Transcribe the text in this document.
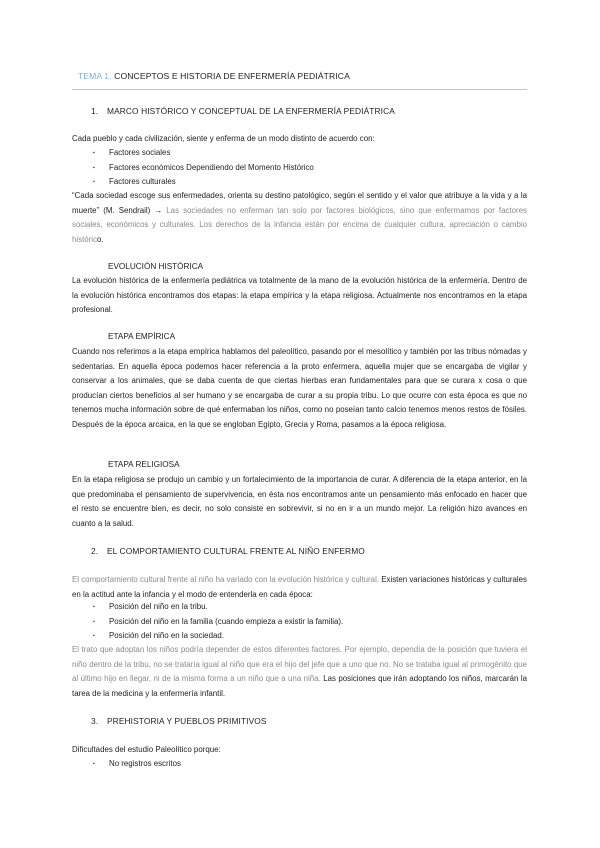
TEMA 1. CONCEPTOS E HISTORIA DE ENFERMERÍA PEDIÁTRICA
1. MARCO HISTÓRICO Y CONCEPTUAL DE LA ENFERMERÍA PEDIÁTRICA
Cada pueblo y cada civilización, siente y enferma de un modo distinto de acuerdo con:
▪ Factores sociales
▪ Factores económicos Dependiendo del Momento Histórico
▪ Factores culturales
“Cada sociedad escoge sus enfermedades, orienta su destino patológico, según el sentido y el valor que atribuye a la vida y a la muerte” (M. Sendrail) → Las sociedades no enferman tan solo por factores biológicos, sino que enfermamos por factores sociales, económicos y culturales. Los derechos de la infancia están por encima de cualquier cultura, apreciación o cambio histórico.
EVOLUCIÓN HISTÓRICA
La evolución histórica de la enfermería pediátrica va totalmente de la mano de la evolución histórica de la enfermería. Dentro de la evolución histórica encontramos dos etapas: la etapa empírica y la etapa religiosa. Actualmente nos encontramos en la etapa profesional.
ETAPA EMPÍRICA
Cuando nos referimos a la etapa empírica hablamos del paleolítico, pasando por el mesolítico y también por las tribus nómadas y sedentarias. En aquella época podemos hacer referencia a la proto enfermera, aquella mujer que se encargaba de vigilar y conservar a los animales, que se daba cuenta de que ciertas hierbas eran fundamentales para que se curara x cosa o que producían ciertos beneficios al ser humano y se encargaba de curar a su propia tribu. Lo que ocurre con esta época es que no tenemos mucha información sobre de qué enfermaban los niños, como no poseían tanto calcio tenemos menos restos de fósiles. Después de la época arcaica, en la que se engloban Egipto, Grecia y Roma, pasamos a la época religiosa.
ETAPA RELIGIOSA
En la etapa religiosa se produjo un cambio y un fortalecimiento de la importancia de curar. A diferencia de la etapa anterior, en la que predominaba el pensamiento de supervivencia, en ésta nos encontramos ante un pensamiento más enfocado en hacer que el resto se encuentre bien, es decir, no solo consiste en sobrevivir, si no en ir a un mundo mejor. La religión hizo avances en cuanto a la salud.
2. EL COMPORTAMIENTO CULTURAL FRENTE AL NIÑO ENFERMO
El comportamiento cultural frente al niño ha variado con la evolución histórica y cultural. Existen variaciones históricas y culturales en la actitud ante la infancia y el modo de entenderla en cada época:
▪ Posición del niño en la tribu.
▪ Posición del niño en la familia (cuando empieza a existir la familia).
▪ Posición del niño en la sociedad.
El trato que adoptan los niños podría depender de estos diferentes factores. Por ejemplo, dependía de la posición que tuviera el niño dentro de la tribu, no se trataría igual al niño que era el hijo del jefe que a uno que no. No se trataba igual al primogénito que al último hijo en llegar, ni de la misma forma a un niño que a una niña. Las posiciones que irán adoptando los niños, marcarán la tarea de la medicina y la enfermería infantil.
3. PREHISTORIA Y PUEBLOS PRIMITIVOS
Dificultades del estudio Paleolítico porque:
▪ No registros escritos
